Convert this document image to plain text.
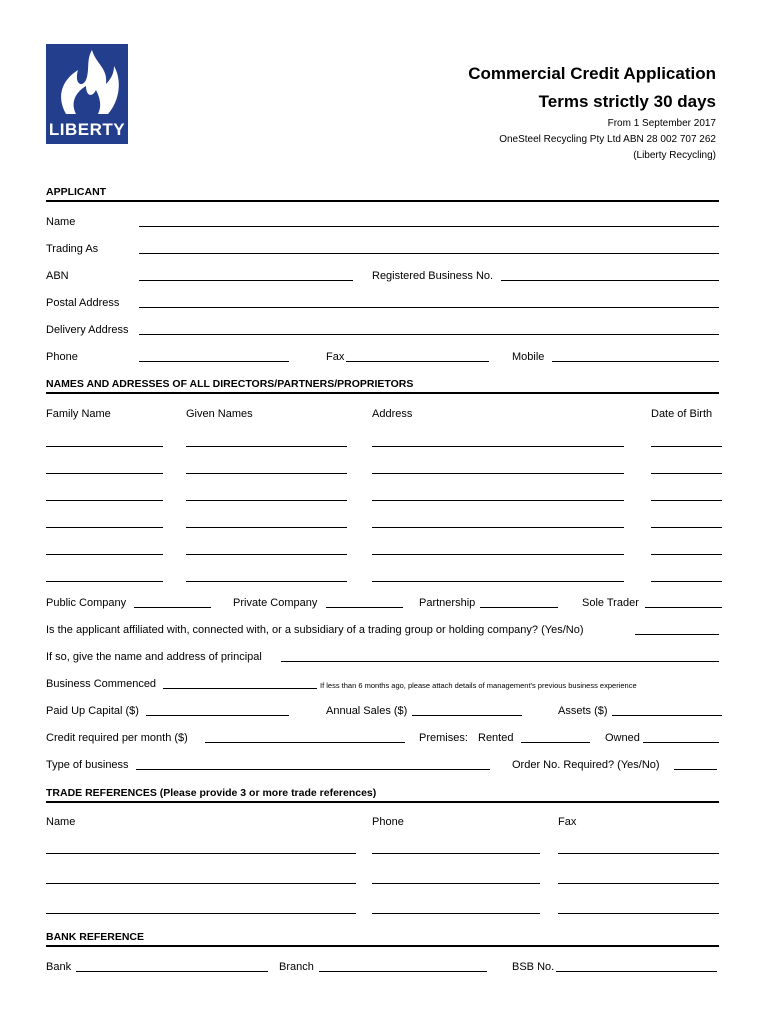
LIBERTY
Commercial Credit Application
Terms strictly 30 days
From 1 September 2017
OneSteel Recycling Pty Ltd ABN 28 002 707 262
(Liberty Recycling)
APPLICANT
Name
Trading As
ABN	Registered Business No.
Postal Address
Delivery Address
Phone	Fax	Mobile
NAMES AND ADRESSES OF ALL DIRECTORS/PARTNERS/PROPRIETORS
Family Name	Given Names	Address	Date of Birth
Public Company	Private Company	Partnership	Sole Trader
Is the applicant affiliated with, connected with, or a subsidiary of a trading group or holding company? (Yes/No)
If so, give the name and address of principal
Business Commenced	If less than 6 months ago, please attach details of management's previous business experience
Paid Up Capital ($)	Annual Sales ($)	Assets ($)
Credit required per month ($)	Premises: Rented	Owned
Type of business	Order No. Required? (Yes/No)
TRADE REFERENCES (Please provide 3 or more trade references)
Name	Phone	Fax
BANK REFERENCE
Bank	Branch	BSB No.
